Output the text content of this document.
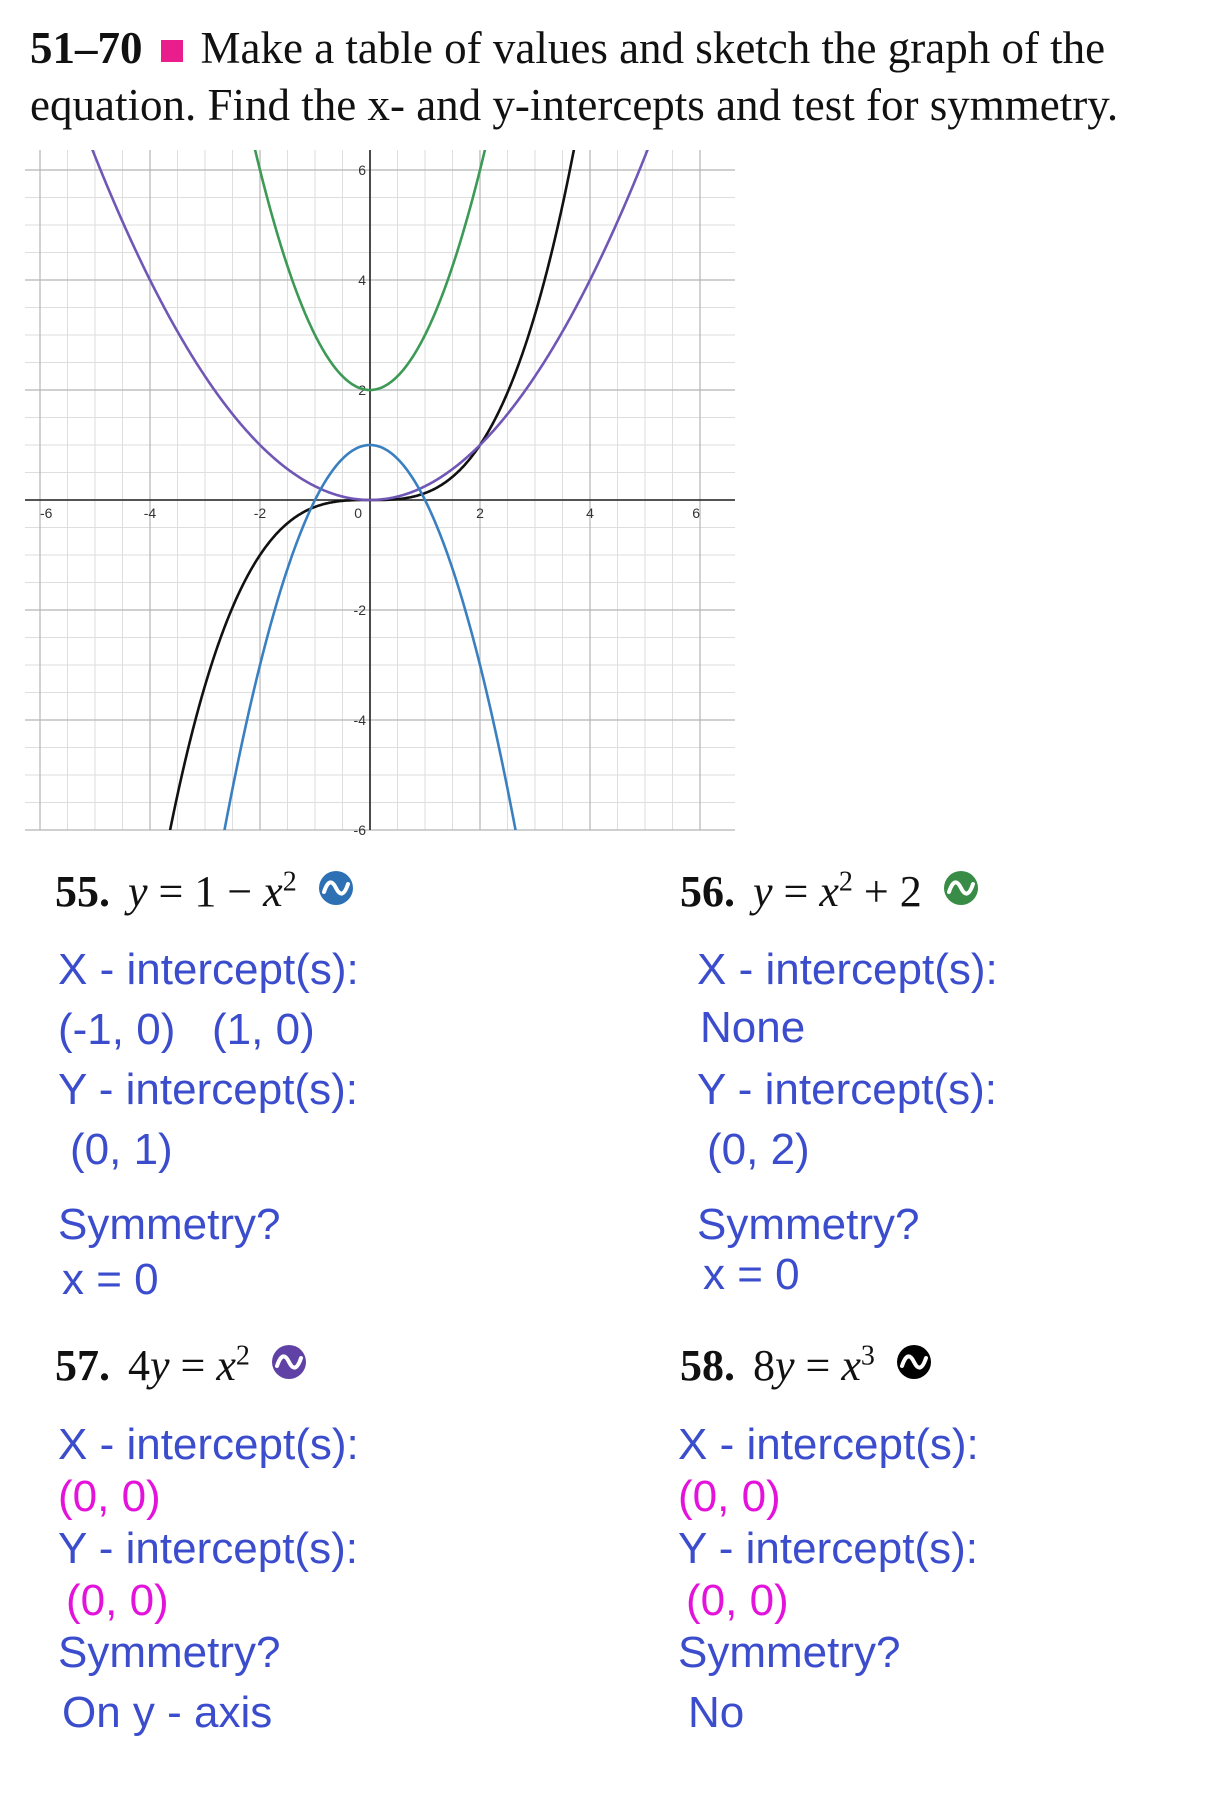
51–70 Make a table of values and sketch the graph of the
equation. Find the x- and y-intercepts and test for symmetry.
-6	-4	-2	0	2	4	6
6
4
2
-2
-4
-6
55. $y = 1 - x^2$
X - intercept(s):
(-1, 0)   (1, 0)
Y - intercept(s):
(0, 1)
Symmetry?
x = 0
56. $y = x^2 + 2$
X - intercept(s):
None
Y - intercept(s):
(0, 2)
Symmetry?
x = 0
57. $4y = x^2$
X - intercept(s):
(0, 0)
Y - intercept(s):
(0, 0)
Symmetry?
On y - axis
58. $8y = x^3$
X - intercept(s):
(0, 0)
Y - intercept(s):
(0, 0)
Symmetry?
No
